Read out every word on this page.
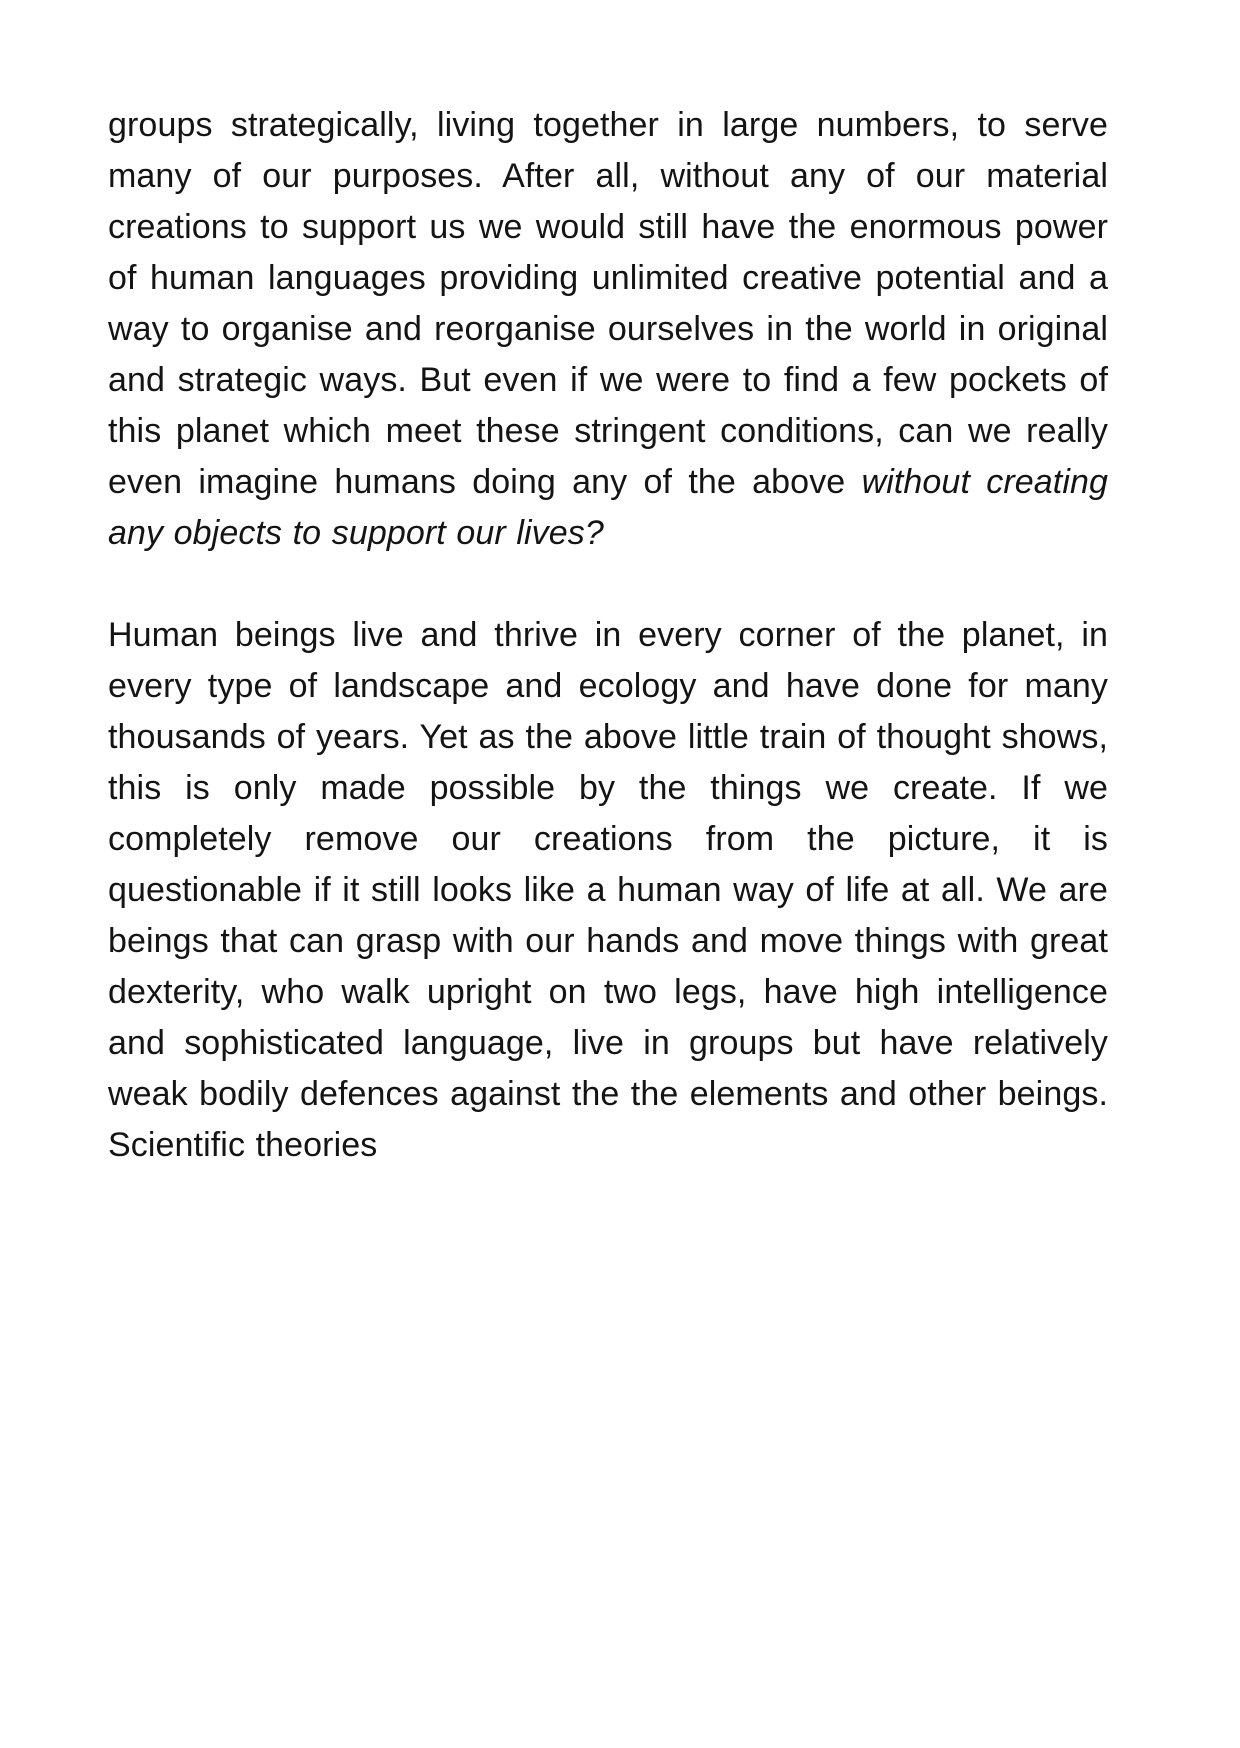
groups strategically, living together in large numbers, to serve many of our purposes. After all, without any of our material creations to support us we would still have the enormous power of human languages providing unlimited creative potential and a way to organise and reorganise ourselves in the world in original and strategic ways. But even if we were to find a few pockets of this planet which meet these stringent conditions, can we really even imagine humans doing any of the above without creating any objects to support our lives?

Human beings live and thrive in every corner of the planet, in every type of landscape and ecology and have done for many thousands of years. Yet as the above little train of thought shows, this is only made possible by the things we create. If we completely remove our creations from the picture, it is questionable if it still looks like a human way of life at all. We are beings that can grasp with our hands and move things with great dexterity, who walk upright on two legs, have high intelligence and sophisticated language, live in groups but have relatively weak bodily defences against the the elements and other beings. Scientific theories
